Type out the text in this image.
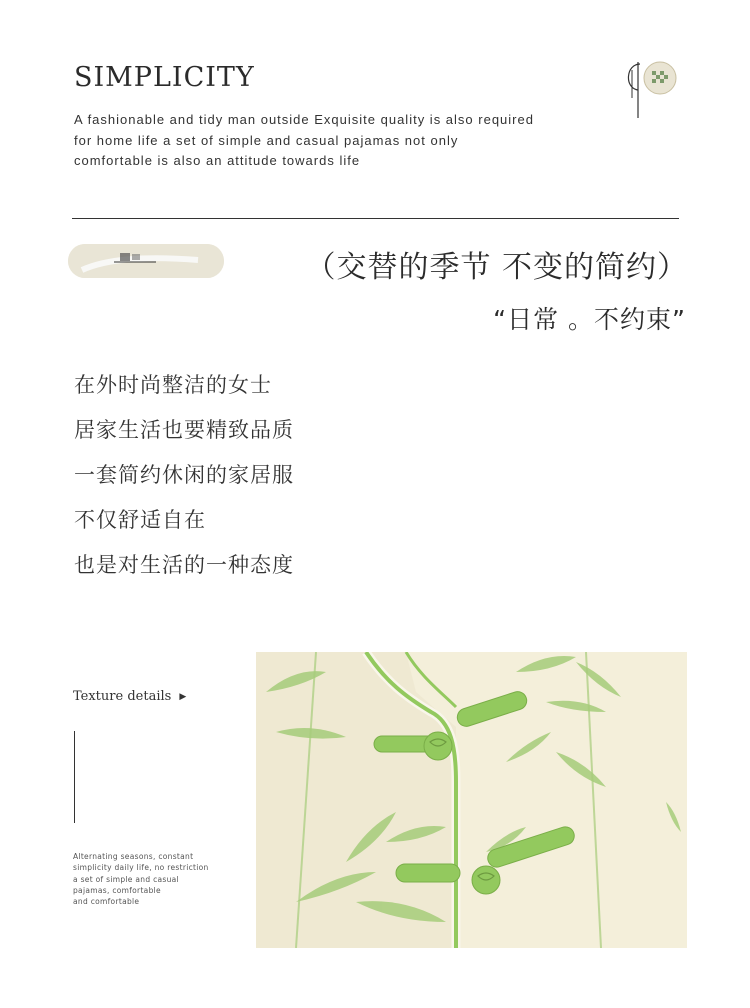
SIMPLICITY
A fashionable and tidy man outside Exquisite quality is also required
for home life a set of simple and casual pajamas not only
comfortable is also an attitude towards life
（交替的季节 不变的简约）
“日常 。不约束”
在外时尚整洁的女士
居家生活也要精致品质
一套简约休闲的家居服
不仅舒适自在
也是对生活的一种态度
Texture details ▶
Alternating seasons, constant
simplicity daily life, no restriction
a set of simple and casual
pajamas, comfortable
and comfortable
